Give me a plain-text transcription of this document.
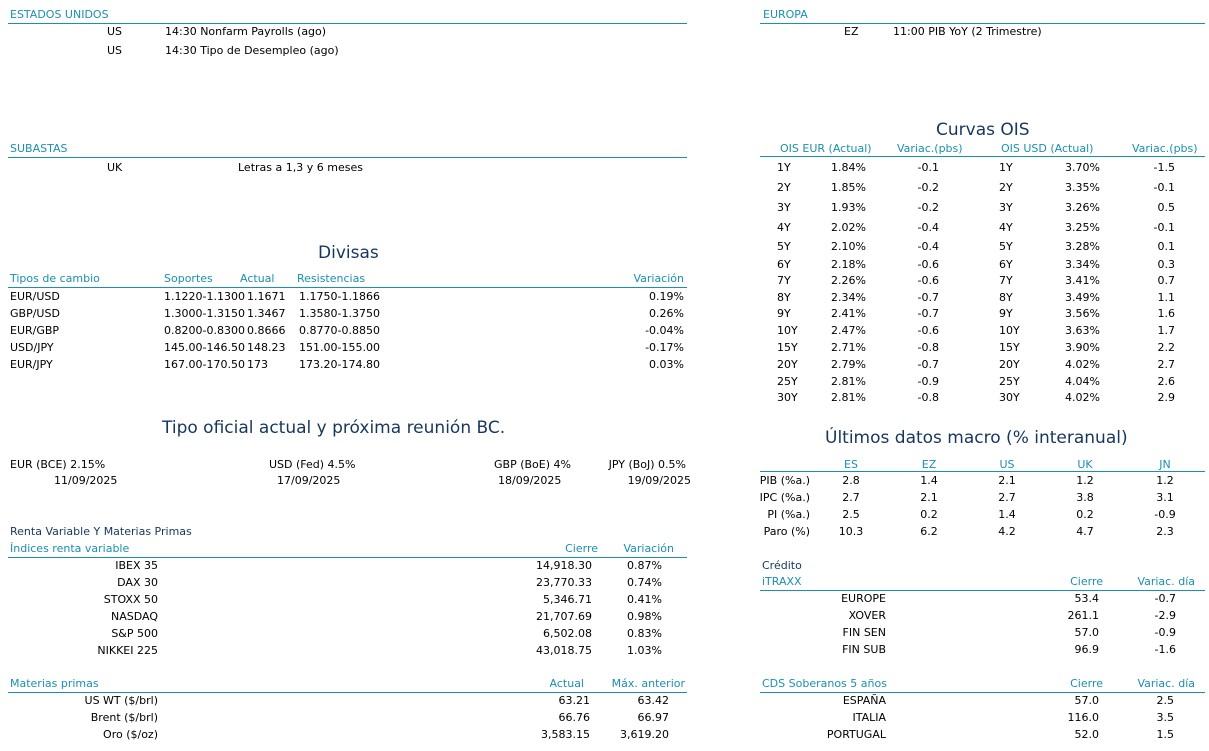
ESTADOS UNIDOS
US	14:30 Nonfarm Payrolls (ago)
US	14:30 Tipo de Desempleo (ago)
EUROPA
EZ	11:00 PIB YoY (2 Trimestre)
SUBASTAS
UK	Letras a 1,3 y 6 meses
Divisas
Tipos de cambio	Soportes Actual Resistencias	Variación
EUR/USD	1.1220-1.1300 1.1671 1.1750-1.1866	0.19%
GBP/USD	1.3000-1.3150 1.3467 1.3580-1.3750	0.26%
EUR/GBP	0.8200-0.8300 0.8666 0.8770-0.8850	-0.04%
USD/JPY	145.00-146.50 148.23 151.00-155.00	-0.17%
EUR/JPY	167.00-170.50 173	173.20-174.80	0.03%
Tipo oficial actual y próxima reunión BC.
EUR (BCE) 2.15%
11/09/2025
USD (Fed) 4.5%
17/09/2025
GBP (BoE) 4%
18/09/2025
JPY (BoJ) 0.5%
19/09/2025
Renta Variable Y Materias Primas
Índices renta variable	Cierre	Variación
IBEX 35	14,918.30	0.87%
DAX 30	23,770.33	0.74%
STOXX 50	5,346.71	0.41%
NASDAQ	21,707.69	0.98%
S&P 500	6,502.08	0.83%
NIKKEI 225	43,018.75	1.03%
Materias primas	Actual	Máx. anterior
US WT ($/brl)	63.21	63.42
Brent ($/brl)	66.76	66.97
Oro ($/oz)	3,583.15	3,619.20
Curvas OIS
OIS EUR (Actual) Variac.(pbs)	OIS USD (Actual)	Variac.(pbs)
1Y	1.84%	-0.1	1Y	3.70%	-1.5
2Y	1.85%	-0.2	2Y	3.35%	-0.1
3Y	1.93%	-0.2	3Y	3.26%	0.5
4Y	2.02%	-0.4	4Y	3.25%	-0.1
5Y	2.10%	-0.4	5Y	3.28%	0.1
6Y	2.18%	-0.6	6Y	3.34%	0.3
7Y	2.26%	-0.6	7Y	3.41%	0.7
8Y	2.34%	-0.7	8Y	3.49%	1.1
9Y	2.41%	-0.7	9Y	3.56%	1.6
10Y	2.47%	-0.6	10Y	3.63%	1.7
15Y	2.71%	-0.8	15Y	3.90%	2.2
20Y	2.79%	-0.7	20Y	4.02%	2.7
25Y	2.81%	-0.9	25Y	4.04%	2.6
30Y	2.81%	-0.8	30Y	4.02%	2.9
Últimos datos macro (% interanual)
ES	EZ	US	UK	JN
PIB (%a.)	2.8	1.4	2.1	1.2	1.2
IPC (%a.)	2.7	2.1	2.7	3.8	3.1
PI (%a.)	2.5	0.2	1.4	0.2	-0.9
Paro (%)	10.3	6.2	4.2	4.7	2.3
Crédito
iTRAXX	Cierre	Variac. día
EUROPE	53.4	-0.7
XOVER	261.1	-2.9
FIN SEN	57.0	-0.9
FIN SUB	96.9	-1.6
CDS Soberanos 5 años	Cierre	Variac. día
ESPAÑA	57.0	2.5
ITALIA	116.0	3.5
PORTUGAL	52.0	1.5
